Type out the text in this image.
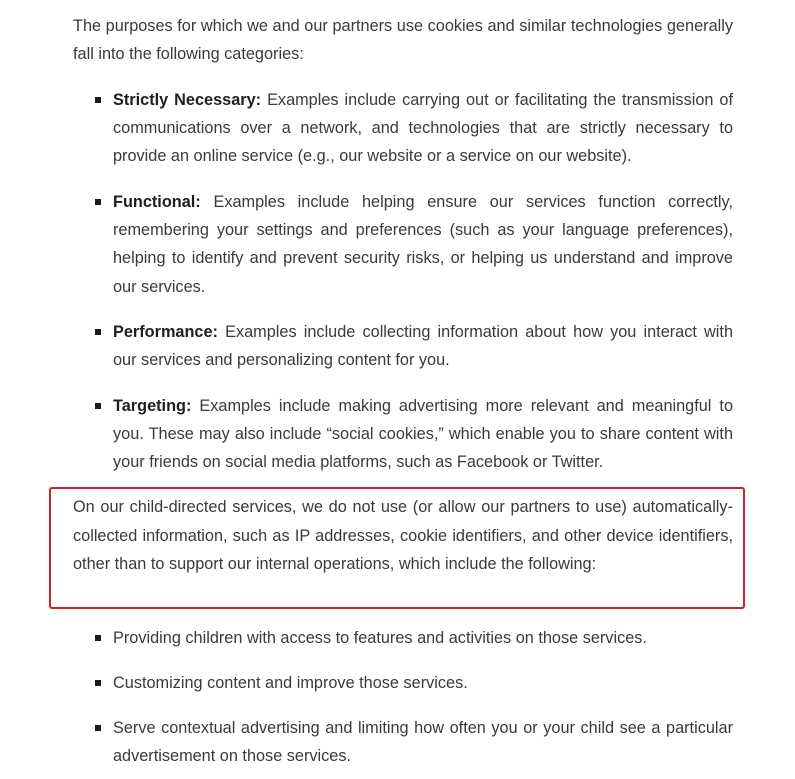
The purposes for which we and our partners use cookies and similar technologies generally fall into the following categories:

Strictly Necessary: Examples include carrying out or facilitating the transmission of communications over a network, and technologies that are strictly necessary to provide an online service (e.g., our website or a service on our website).
Functional: Examples include helping ensure our services function correctly, remembering your settings and preferences (such as your language preferences), helping to identify and prevent security risks, or helping us understand and improve our services.
Performance: Examples include collecting information about how you interact with our services and personalizing content for you.
Targeting: Examples include making advertising more relevant and meaningful to you. These may also include “social cookies,” which enable you to share content with your friends on social media platforms, such as Facebook or Twitter.

On our child-directed services, we do not use (or allow our partners to use) automatically-collected information, such as IP addresses, cookie identifiers, and other device identifiers, other than to support our internal operations, which include the following:

Providing children with access to features and activities on those services.
Customizing content and improve those services.
Serve contextual advertising and limiting how often you or your child see a particular advertisement on those services.
